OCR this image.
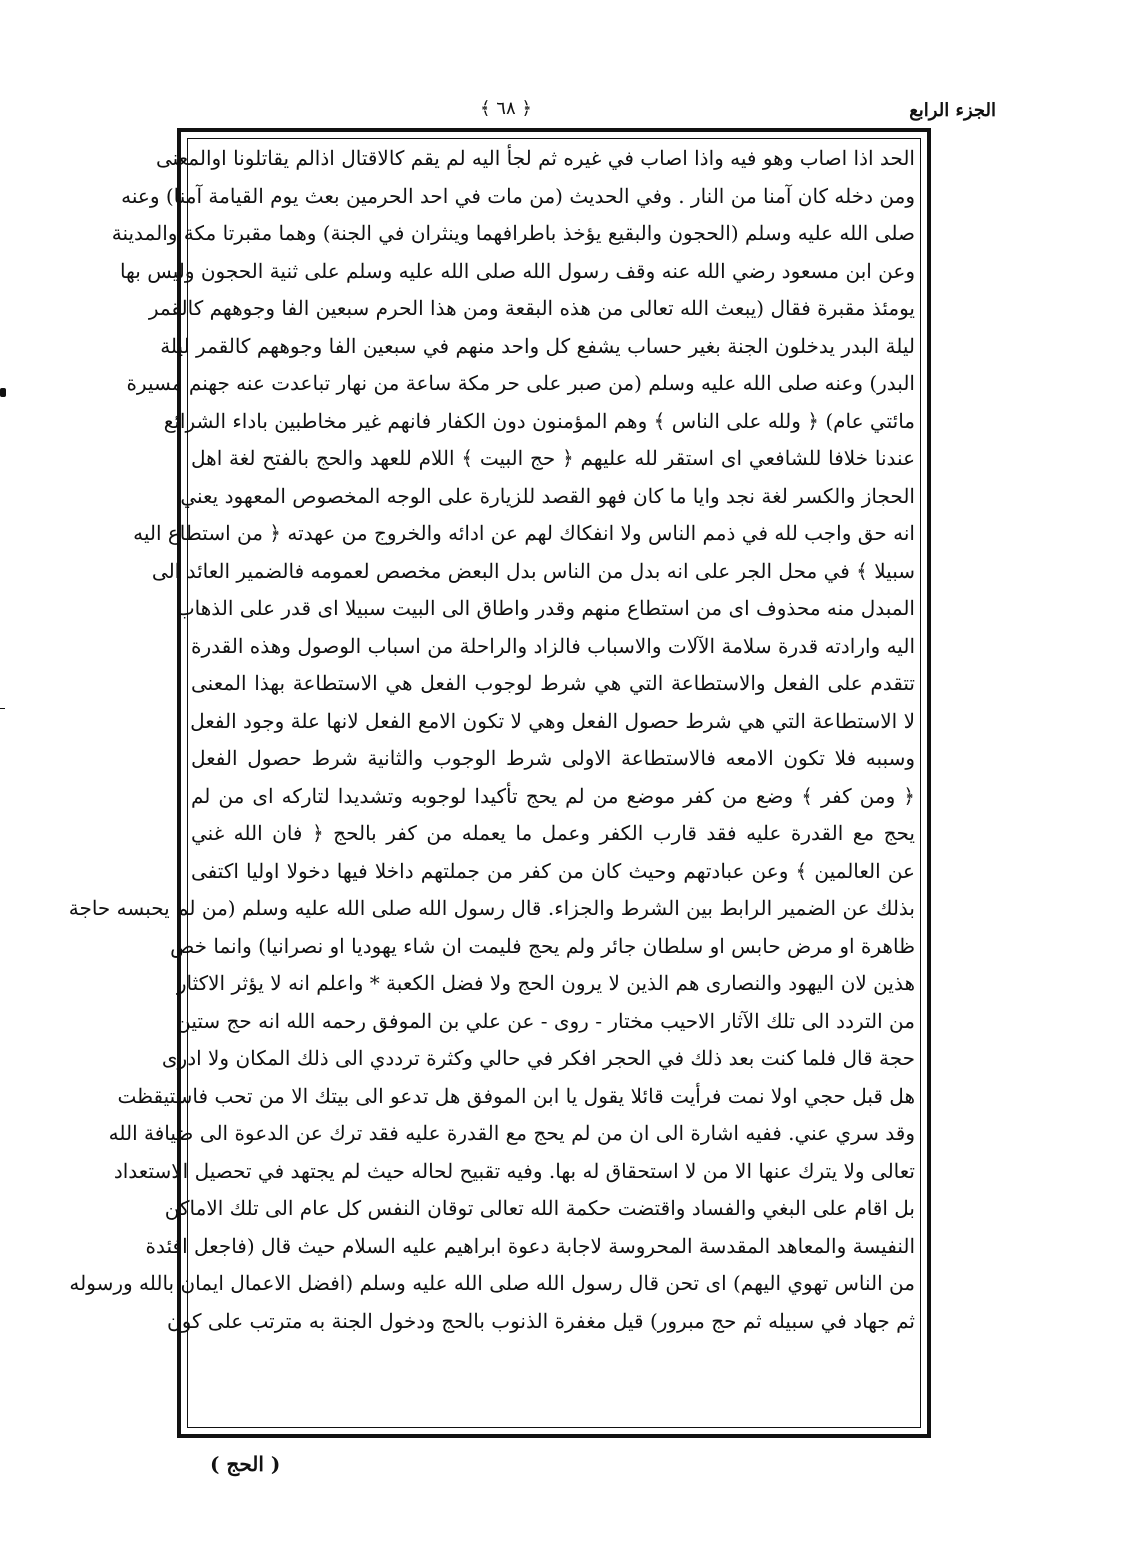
الجزء الرابع
﴿ ٦٨ ﴾
الحد اذا اصاب وهو فيه واذا اصاب في غيره ثم لجأ اليه لم يقم كالاقتال اذالم يقاتلونا اوالمعنى
ومن دخله كان آمنا من النار . وفي الحديث (من مات في احد الحرمين بعث يوم القيامة آمنا) وعنه
صلى الله عليه وسلم (الحجون والبقيع يؤخذ باطرافهما وينثران في الجنة) وهما مقبرتا مكة والمدينة
وعن ابن مسعود رضي الله عنه وقف رسول الله صلى الله عليه وسلم على ثنية الحجون وليس بها
يومئذ مقبرة فقال (يبعث الله تعالى من هذه البقعة ومن هذا الحرم سبعين الفا وجوههم كالقمر
ليلة البدر يدخلون الجنة بغير حساب يشفع كل واحد منهم في سبعين الفا وجوههم كالقمر ليلة
البدر) وعنه صلى الله عليه وسلم (من صبر على حر مكة ساعة من نهار تباعدت عنه جهنم مسيرة
مائتي عام) ﴿ ولله على الناس ﴾ وهم المؤمنون دون الكفار فانهم غير مخاطبين باداء الشرائع
عندنا خلافا للشافعي اى استقر لله عليهم ﴿ حج البيت ﴾ اللام للعهد والحج بالفتح لغة اهل
الحجاز والكسر لغة نجد وايا ما كان فهو القصد للزيارة على الوجه المخصوص المعهود يعني
انه حق واجب لله في ذمم الناس ولا انفكاك لهم عن ادائه والخروج من عهدته ﴿ من استطاع اليه
سبيلا ﴾ في محل الجر على انه بدل من الناس بدل البعض مخصص لعمومه فالضمير العائد الى
المبدل منه محذوف اى من استطاع منهم وقدر واطاق الى البيت سبيلا اى قدر على الذهاب
اليه وارادته قدرة سلامة الآلات والاسباب فالزاد والراحلة من اسباب الوصول وهذه القدرة
تتقدم على الفعل والاستطاعة التي هي شرط لوجوب الفعل هي الاستطاعة بهذا المعنى
لا الاستطاعة التي هي شرط حصول الفعل وهي لا تكون الامع الفعل لانها علة وجود الفعل
وسببه فلا تكون الامعه فالاستطاعة الاولى شرط الوجوب والثانية شرط حصول الفعل
﴿ ومن كفر ﴾ وضع من كفر موضع من لم يحج تأكيدا لوجوبه وتشديدا لتاركه اى من لم
يحج مع القدرة عليه فقد قارب الكفر وعمل ما يعمله من كفر بالحج ﴿ فان الله غني
عن العالمين ﴾ وعن عبادتهم وحيث كان من كفر من جملتهم داخلا فيها دخولا اوليا اكتفى
بذلك عن الضمير الرابط بين الشرط والجزاء. قال رسول الله صلى الله عليه وسلم (من لم يحبسه حاجة
ظاهرة او مرض حابس او سلطان جائر ولم يحج فليمت ان شاء يهوديا او نصرانيا) وانما خص
هذين لان اليهود والنصارى هم الذين لا يرون الحج ولا فضل الكعبة * واعلم انه لا يؤثر الاكثار
من التردد الى تلك الآثار الاحيب مختار - روى - عن علي بن الموفق رحمه الله انه حج ستين
حجة قال فلما كنت بعد ذلك في الحجر افكر في حالي وكثرة ترددي الى ذلك المكان ولا ادرى
هل قبل حجي اولا نمت فرأيت قائلا يقول يا ابن الموفق هل تدعو الى بيتك الا من تحب فاستيقظت
وقد سري عني. ففيه اشارة الى ان من لم يحج مع القدرة عليه فقد ترك عن الدعوة الى ضيافة الله
تعالى ولا يترك عنها الا من لا استحقاق له بها. وفيه تقبيح لحاله حيث لم يجتهد في تحصيل الاستعداد
بل اقام على البغي والفساد واقتضت حكمة الله تعالى توقان النفس كل عام الى تلك الاماكن
النفيسة والمعاهد المقدسة المحروسة لاجابة دعوة ابراهيم عليه السلام حيث قال (فاجعل افئدة
من الناس تهوي اليهم) اى تحن قال رسول الله صلى الله عليه وسلم (افضل الاعمال ايمان بالله ورسوله
ثم جهاد في سبيله ثم حج مبرور) قيل مغفرة الذنوب بالحج ودخول الجنة به مترتب على كون
( الحج )
